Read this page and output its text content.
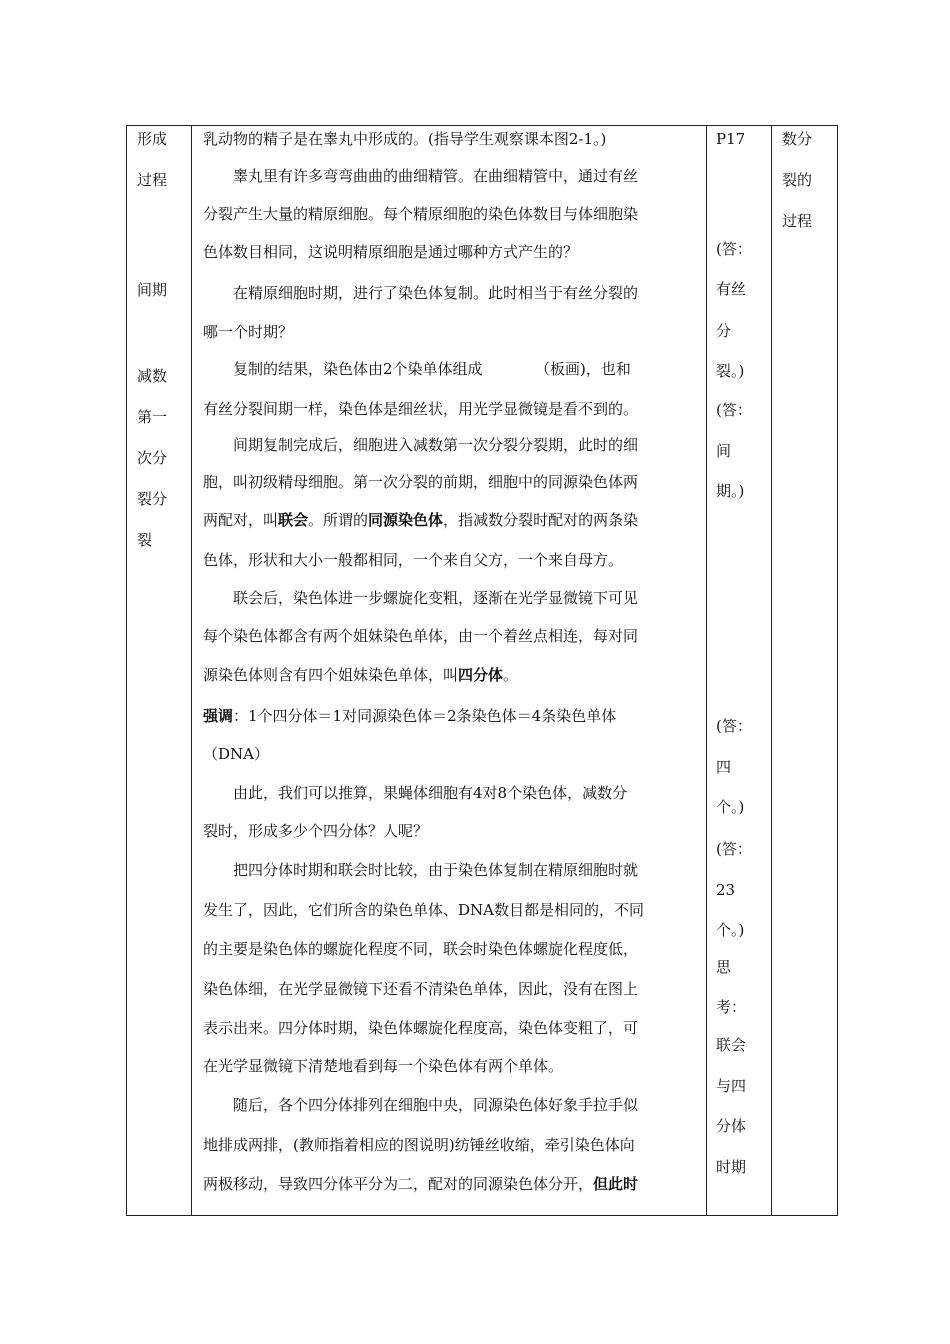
形成
过程
间期
减数
第一
次分
裂分
裂
乳动物的精子是在睾丸中形成的。(指导学生观察课本图2-1。)
睾丸里有许多弯弯曲曲的曲细精管。在曲细精管中，通过有丝
分裂产生大量的精原细胞。每个精原细胞的染色体数目与体细胞染
色体数目相同，这说明精原细胞是通过哪种方式产生的？
在精原细胞时期，进行了染色体复制。此时相当于有丝分裂的
哪一个时期？
复制的结果，染色体由2个染单体组成　　　　（板画)，也和
有丝分裂间期一样，染色体是细丝状，用光学显微镜是看不到的。
间期复制完成后，细胞进入减数第一次分裂分裂期，此时的细
胞，叫初级精母细胞。第一次分裂的前期，细胞中的同源染色体两
两配对，叫联会。所谓的同源染色体，指减数分裂时配对的两条染
色体，形状和大小一般都相同，一个来自父方，一个来自母方。
联会后，染色体进一步螺旋化变粗，逐渐在光学显微镜下可见
每个染色体都含有两个姐妹染色单体，由一个着丝点相连，每对同
源染色体则含有四个姐妹染色单体，叫四分体。
强调：1个四分体＝1对同源染色体＝2条染色体＝4条染色单体
（DNA）
由此，我们可以推算，果蝇体细胞有4对8个染色体，减数分
裂时，形成多少个四分体？人呢？
把四分体时期和联会时比较，由于染色体复制在精原细胞时就
发生了，因此，它们所含的染色单体、DNA数目都是相同的，不同
的主要是染色体的螺旋化程度不同，联会时染色体螺旋化程度低，
染色体细，在光学显微镜下还看不清染色单体，因此，没有在图上
表示出来。四分体时期，染色体螺旋化程度高，染色体变粗了，可
在光学显微镜下清楚地看到每一个染色体有两个单体。
随后，各个四分体排列在细胞中央，同源染色体好象手拉手似
地排成两排，(教师指着相应的图说明)纺锤丝收缩，牵引染色体向
两极移动，导致四分体平分为二，配对的同源染色体分开，但此时
P17
(答：
有丝
分
裂。)
(答：
间
期。)
(答：
四
个。)
(答：
23
个。)
思
考：
联会
与四
分体
时期
数分
裂的
过程
